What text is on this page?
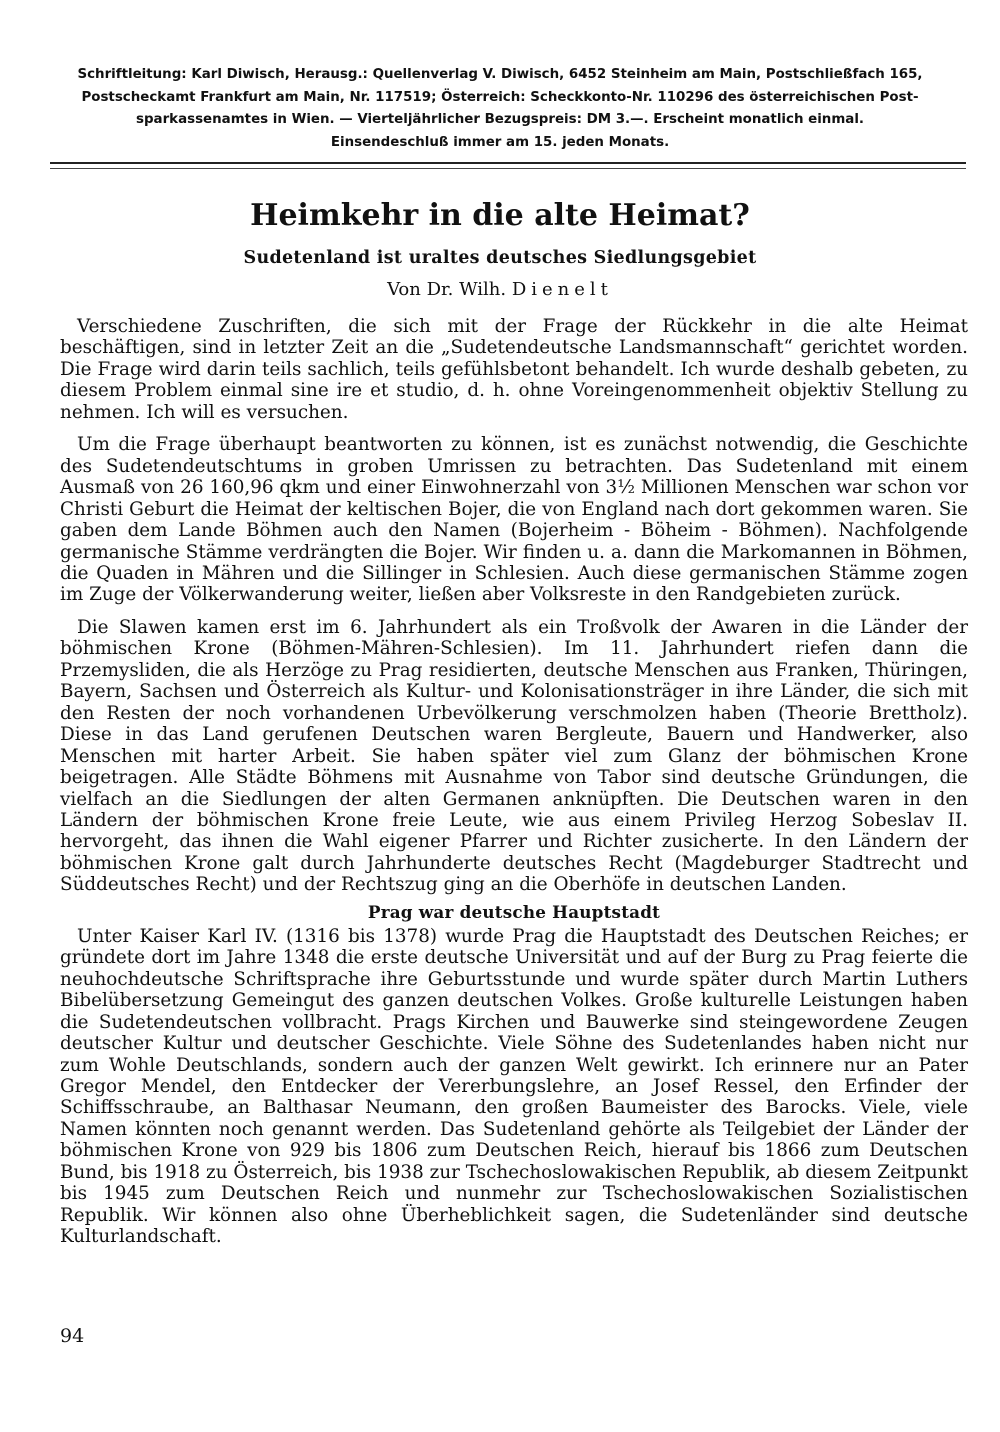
Schriftleitung: Karl Diwisch, Herausg.: Quellenverlag V. Diwisch, 6452 Steinheim am Main, Postschließfach 165,
Postscheckamt Frankfurt am Main, Nr. 117519; Österreich: Scheckkonto-Nr. 110296 des österreichischen Post-
sparkassenamtes in Wien. — Vierteljährlicher Bezugspreis: DM 3.—. Erscheint monatlich einmal.
Einsendeschluß immer am 15. jeden Monats.
Heimkehr in die alte Heimat?
Sudetenland ist uraltes deutsches Siedlungsgebiet
Von Dr. Wilh. Dienelt

Verschiedene Zuschriften, die sich mit der Frage der Rückkehr in die alte Heimat beschäftigen, sind in letzter Zeit an die „Sudetendeutsche Landsmannschaft“ gerichtet worden. Die Frage wird darin teils sachlich, teils gefühlsbetont behandelt. Ich wurde deshalb gebeten, zu diesem Problem einmal sine ire et studio, d. h. ohne Voreingenommenheit objektiv Stellung zu nehmen. Ich will es versuchen.

Um die Frage überhaupt beantworten zu können, ist es zunächst notwendig, die Geschichte des Sudetendeutschtums in groben Umrissen zu betrachten. Das Sudetenland mit einem Ausmaß von 26 160,96 qkm und einer Einwohnerzahl von 3½ Millionen Menschen war schon vor Christi Geburt die Heimat der keltischen Bojer, die von England nach dort gekommen waren. Sie gaben dem Lande Böhmen auch den Namen (Bojerheim - Böheim - Böhmen). Nachfolgende germanische Stämme verdrängten die Bojer. Wir finden u. a. dann die Markomannen in Böhmen, die Quaden in Mähren und die Sillinger in Schlesien. Auch diese germanischen Stämme zogen im Zuge der Völkerwanderung weiter, ließen aber Volksreste in den Randgebieten zurück.

Die Slawen kamen erst im 6. Jahrhundert als ein Troßvolk der Awaren in die Länder der böhmischen Krone (Böhmen-Mähren-Schlesien). Im 11. Jahrhundert riefen dann die Przemysliden, die als Herzöge zu Prag residierten, deutsche Menschen aus Franken, Thüringen, Bayern, Sachsen und Österreich als Kultur- und Kolonisationsträger in ihre Länder, die sich mit den Resten der noch vorhandenen Urbevölkerung verschmolzen haben (Theorie Brettholz). Diese in das Land gerufenen Deutschen waren Bergleute, Bauern und Handwerker, also Menschen mit harter Arbeit. Sie haben später viel zum Glanz der böhmischen Krone beigetragen. Alle Städte Böhmens mit Ausnahme von Tabor sind deutsche Gründungen, die vielfach an die Siedlungen der alten Germanen anknüpften. Die Deutschen waren in den Ländern der böhmischen Krone freie Leute, wie aus einem Privileg Herzog Sobeslav II. hervorgeht, das ihnen die Wahl eigener Pfarrer und Richter zusicherte. In den Ländern der böhmischen Krone galt durch Jahrhunderte deutsches Recht (Magdeburger Stadtrecht und Süddeutsches Recht) und der Rechtszug ging an die Oberhöfe in deutschen Landen.

Prag war deutsche Hauptstadt

Unter Kaiser Karl IV. (1316 bis 1378) wurde Prag die Hauptstadt des Deutschen Reiches; er gründete dort im Jahre 1348 die erste deutsche Universität und auf der Burg zu Prag feierte die neuhochdeutsche Schriftsprache ihre Geburtsstunde und wurde später durch Martin Luthers Bibelübersetzung Gemeingut des ganzen deutschen Volkes. Große kulturelle Leistungen haben die Sudetendeutschen vollbracht. Prags Kirchen und Bauwerke sind steingewordene Zeugen deutscher Kultur und deutscher Geschichte. Viele Söhne des Sudetenlandes haben nicht nur zum Wohle Deutschlands, sondern auch der ganzen Welt gewirkt. Ich erinnere nur an Pater Gregor Mendel, den Entdecker der Vererbungslehre, an Josef Ressel, den Erfinder der Schiffsschraube, an Balthasar Neumann, den großen Baumeister des Barocks. Viele, viele Namen könnten noch genannt werden. Das Sudetenland gehörte als Teilgebiet der Länder der böhmischen Krone von 929 bis 1806 zum Deutschen Reich, hierauf bis 1866 zum Deutschen Bund, bis 1918 zu Österreich, bis 1938 zur Tschechoslowakischen Republik, ab diesem Zeitpunkt bis 1945 zum Deutschen Reich und nunmehr zur Tschechoslowakischen Sozialistischen Republik. Wir können also ohne Überheblichkeit sagen, die Sudetenländer sind deutsche Kulturlandschaft.

94
